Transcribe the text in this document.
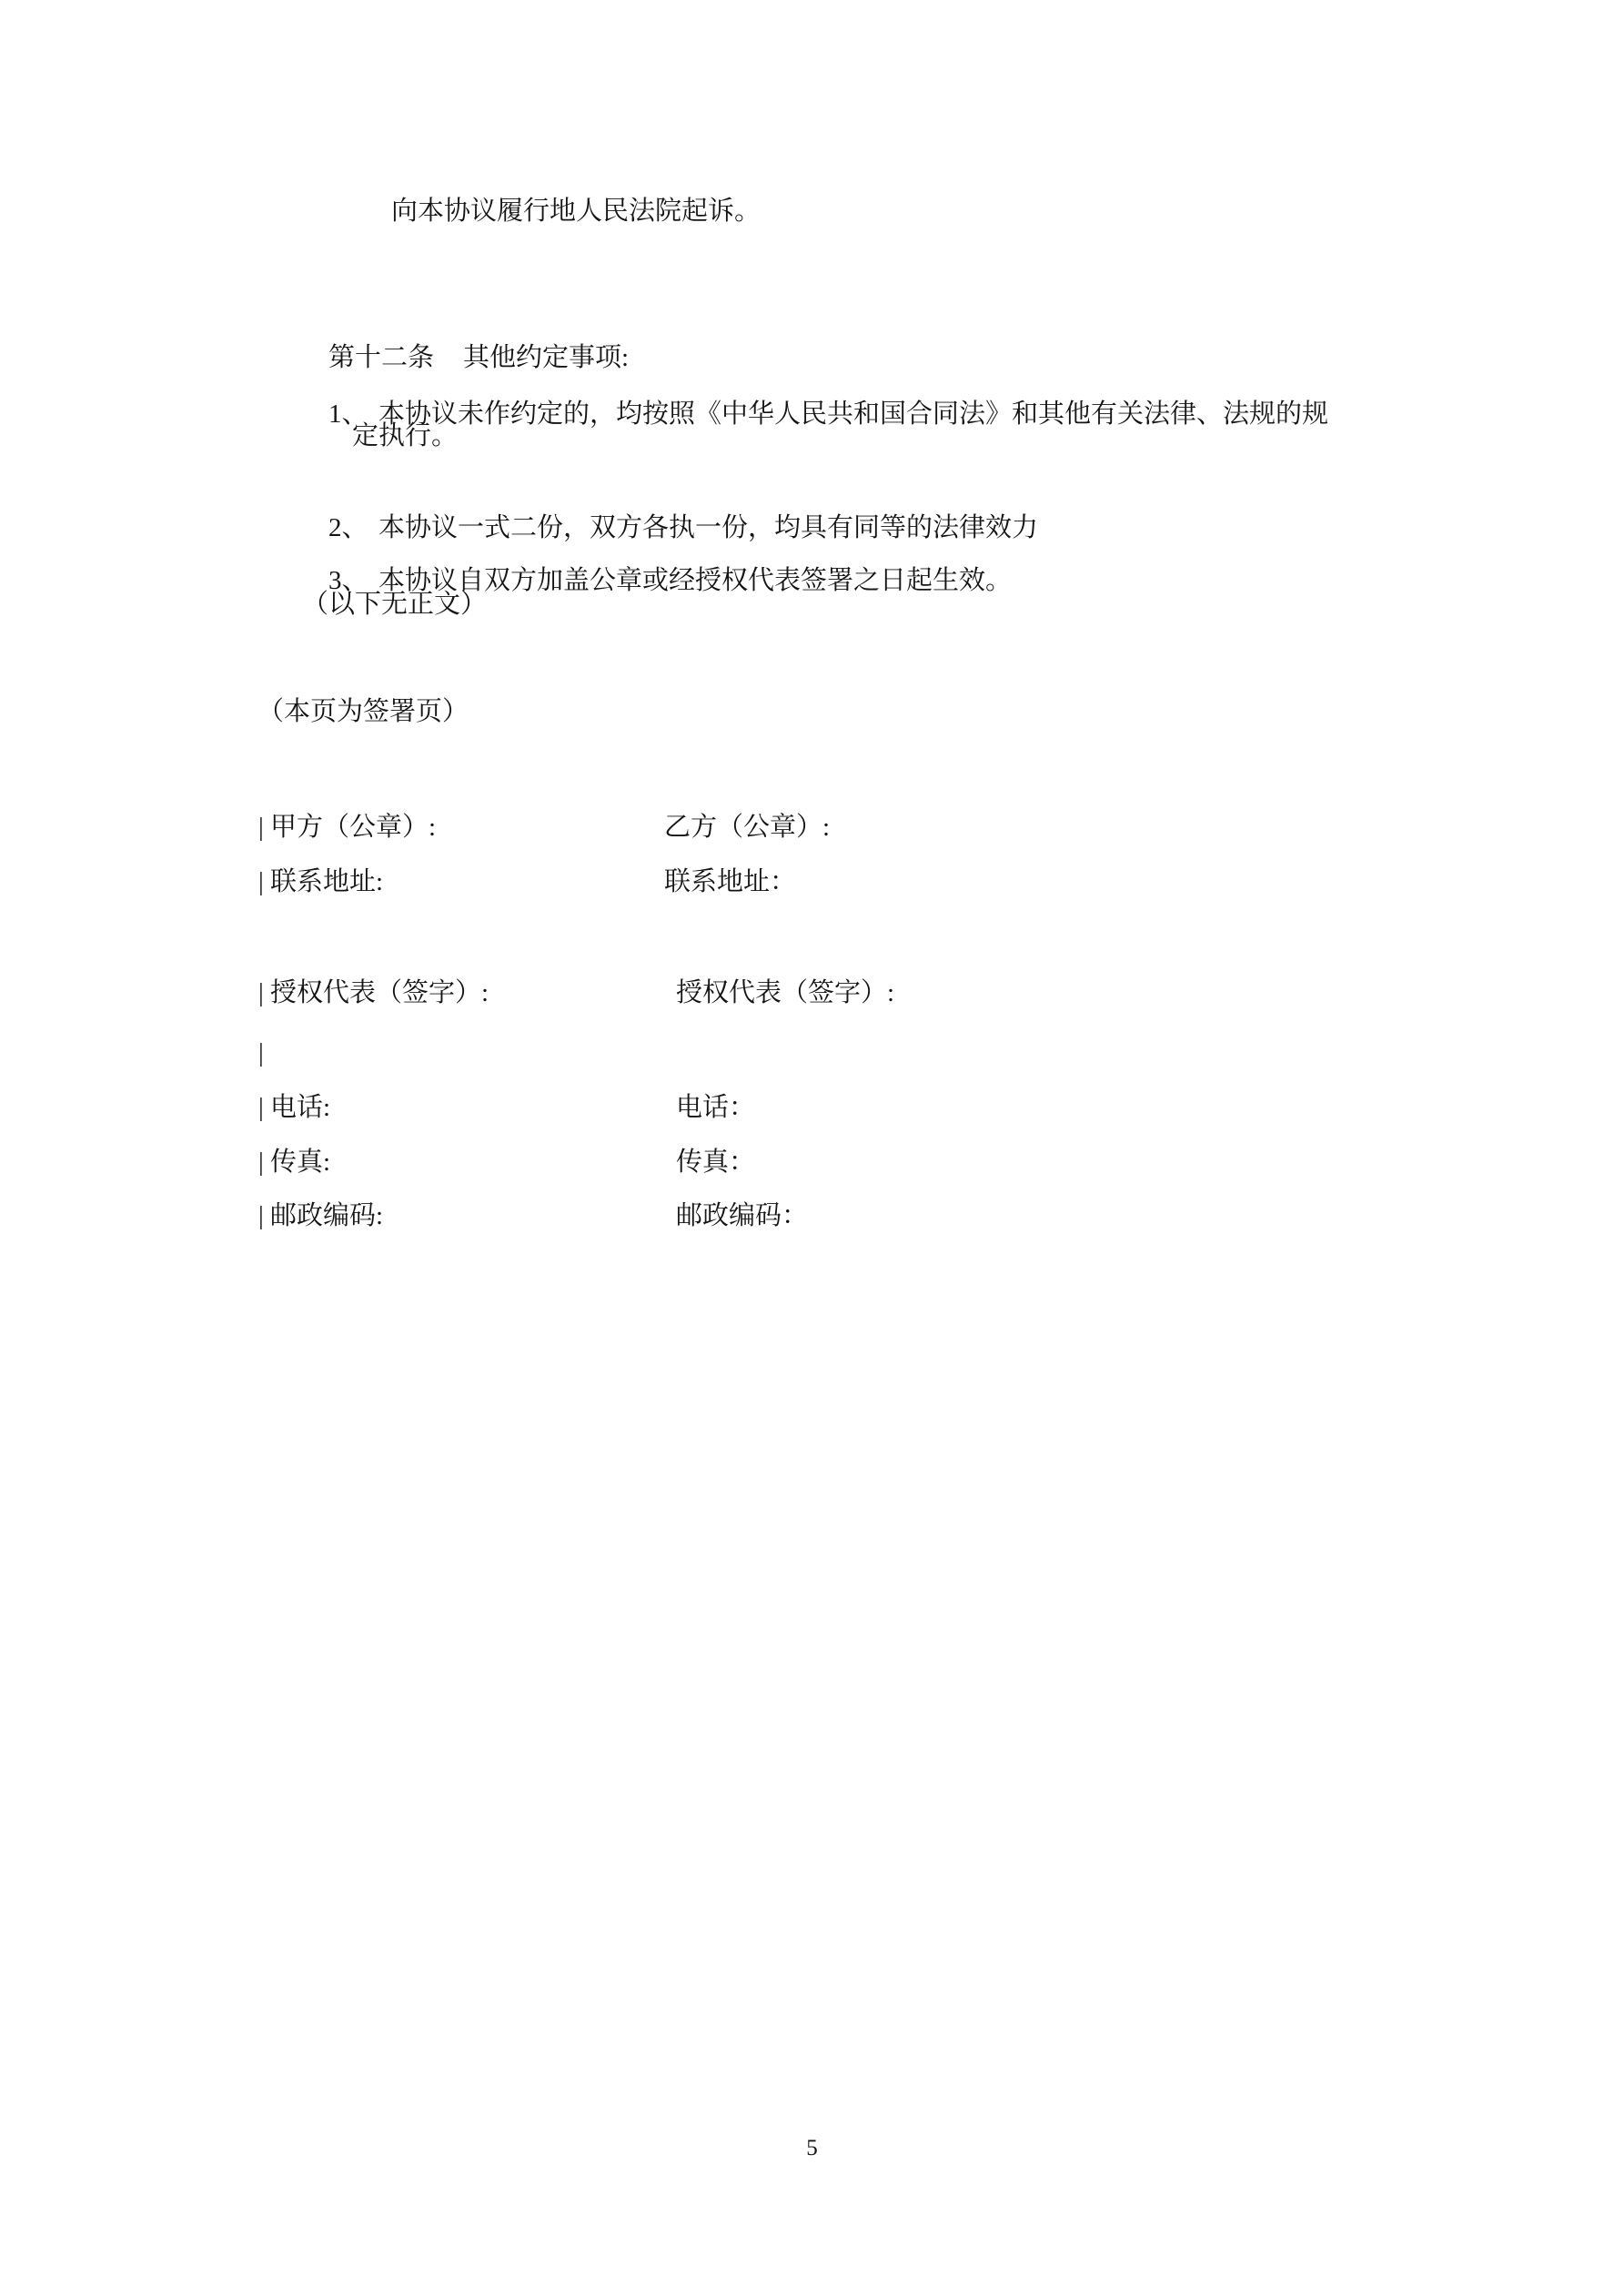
向本协议履行地人民法院起诉。

第十二条 其他约定事项:

1、 本协议未作约定的，均按照《中华人民共和国合同法》和其他有关法律、法规的规

定执行。

2、 本协议一式二份，双方各执一份，均具有同等的法律效力

3、 本协议自双方加盖公章或经授权代表签署之日起生效。

（以下无正文）
（本页为签署页）
| 甲方（公章）:	乙方（公章）:
| 联系地址:	联系地址：
| 授权代表（签字）:	授权代表（签字）:
|
| 电话:	电话：
| 传真:	传真：
| 邮政编码:	邮政编码：
5
